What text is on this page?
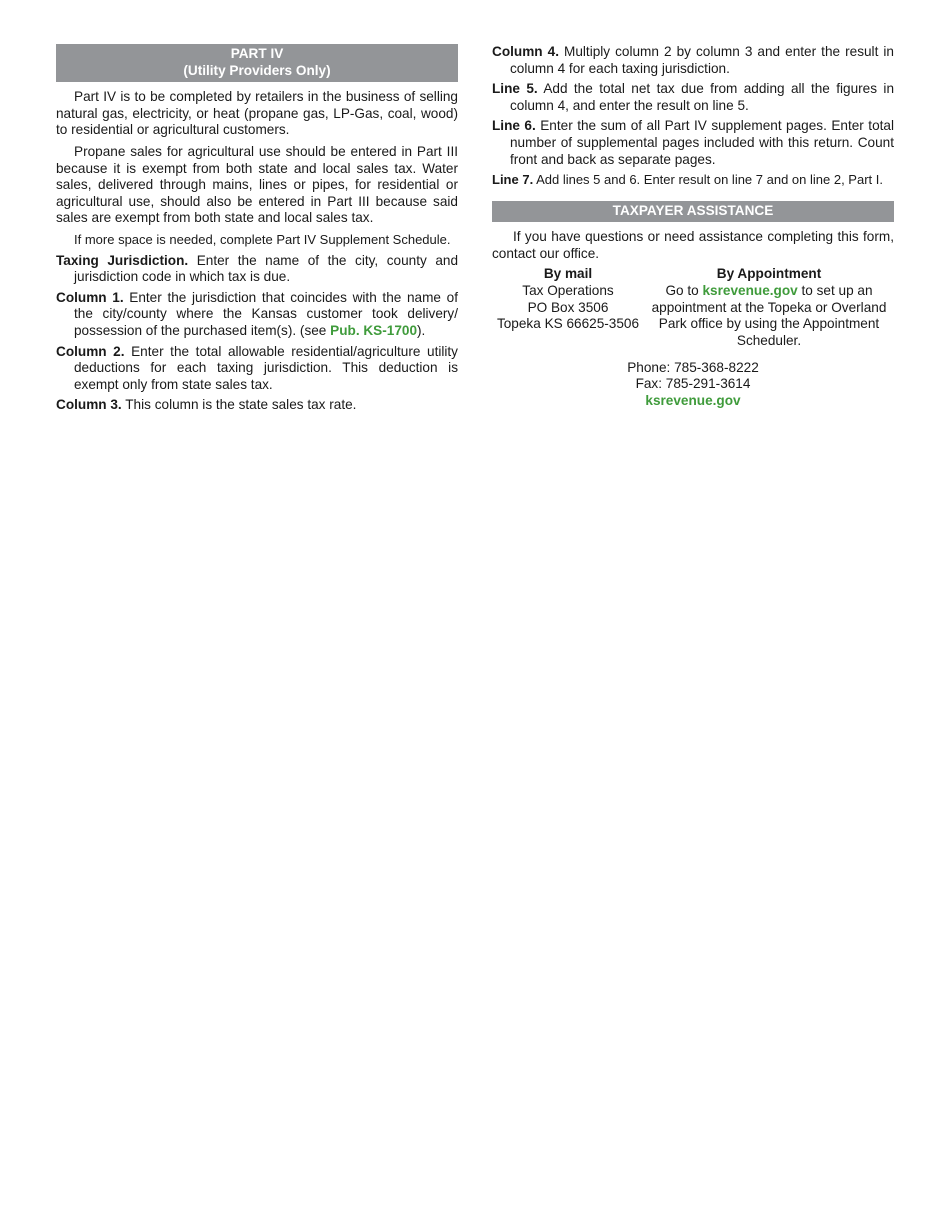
PART IV
(Utility Providers Only)

Part IV is to be completed by retailers in the business of selling natural gas, electricity, or heat (propane gas, LP-Gas, coal, wood) to residential or agricultural customers.

Propane sales for agricultural use should be entered in Part III because it is exempt from both state and local sales tax. Water sales, delivered through mains, lines or pipes, for residential or agricultural use, should also be entered in Part III because said sales are exempt from both state and local sales tax.

If more space is needed, complete Part IV Supplement Schedule.

Taxing Jurisdiction. Enter the name of the city, county and jurisdiction code in which tax is due.

Column 1. Enter the jurisdiction that coincides with the name of the city/county where the Kansas customer took delivery/ possession of the purchased item(s). (see Pub. KS-1700).

Column 2. Enter the total allowable residential/agriculture utility deductions for each taxing jurisdiction. This deduction is exempt only from state sales tax.

Column 3. This column is the state sales tax rate.

Column 4. Multiply column 2 by column 3 and enter the result in column 4 for each taxing jurisdiction.

Line 5. Add the total net tax due from adding all the figures in column 4, and enter the result on line 5.

Line 6. Enter the sum of all Part IV supplement pages. Enter total number of supplemental pages included with this return. Count front and back as separate pages.

Line 7. Add lines 5 and 6. Enter result on line 7 and on line 2, Part I.

TAXPAYER ASSISTANCE

If you have questions or need assistance completing this form, contact our office.

By mail
Tax Operations
PO Box 3506
Topeka KS 66625-3506
By Appointment
Go to ksrevenue.gov to set up an appointment at the Topeka or Overland Park office by using the Appointment Scheduler.
Phone: 785-368-8222
Fax: 785-291-3614
ksrevenue.gov
